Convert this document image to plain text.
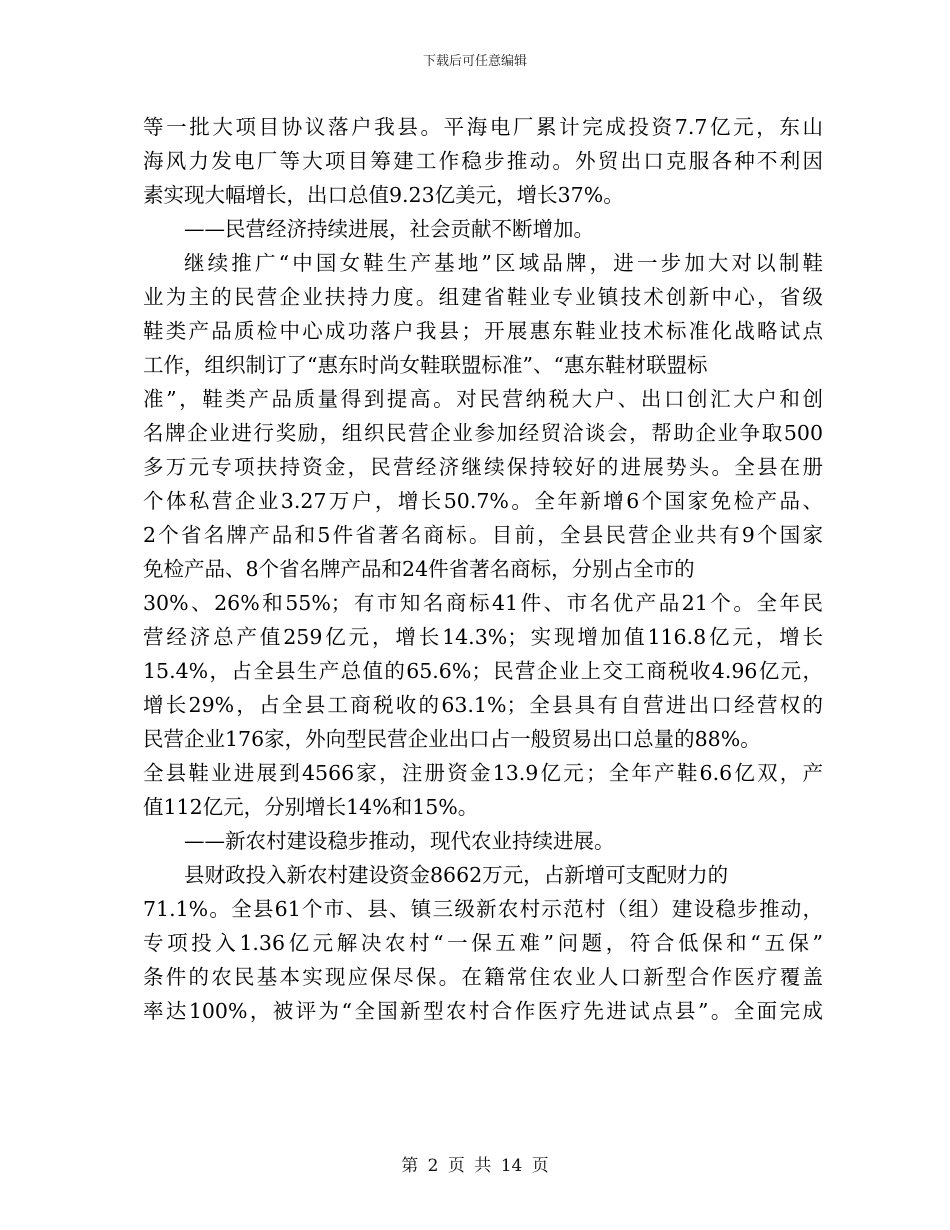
下载后可任意编辑
等一批大项目协议落户我县。平海电厂累计完成投资7.7亿元，东山
海风力发电厂等大项目筹建工作稳步推动。外贸出口克服各种不利因
素实现大幅增长，出口总值9.23亿美元，增长37%。
——民营经济持续进展，社会贡献不断增加。
继续推广“中国女鞋生产基地”区域品牌，进一步加大对以制鞋
业为主的民营企业扶持力度。组建省鞋业专业镇技术创新中心，省级
鞋类产品质检中心成功落户我县；开展惠东鞋业技术标准化战略试点
工作，组织制订了“惠东时尚女鞋联盟标准”、“惠东鞋材联盟标
准”，鞋类产品质量得到提高。对民营纳税大户、出口创汇大户和创
名牌企业进行奖励，组织民营企业参加经贸洽谈会，帮助企业争取500
多万元专项扶持资金，民营经济继续保持较好的进展势头。全县在册
个体私营企业3.27万户，增长50.7%。全年新增6个国家免检产品、
2个省名牌产品和5件省著名商标。目前，全县民营企业共有9个国家
免检产品、8个省名牌产品和24件省著名商标，分别占全市的
30%、26%和55%；有市知名商标41件、市名优产品21个。全年民
营经济总产值259亿元，增长14.3%；实现增加值116.8亿元，增长
15.4%，占全县生产总值的65.6%；民营企业上交工商税收4.96亿元，
增长29%，占全县工商税收的63.1%；全县具有自营进出口经营权的
民营企业176家，外向型民营企业出口占一般贸易出口总量的88%。
全县鞋业进展到4566家，注册资金13.9亿元；全年产鞋6.6亿双，产
值112亿元，分别增长14%和15%。
——新农村建设稳步推动，现代农业持续进展。
县财政投入新农村建设资金8662万元，占新增可支配财力的
71.1%。全县61个市、县、镇三级新农村示范村（组）建设稳步推动，
专项投入1.36亿元解决农村“一保五难”问题，符合低保和“五保”
条件的农民基本实现应保尽保。在籍常住农业人口新型合作医疗覆盖
率达100%，被评为“全国新型农村合作医疗先进试点县”。全面完成
第 2 页 共 14 页
